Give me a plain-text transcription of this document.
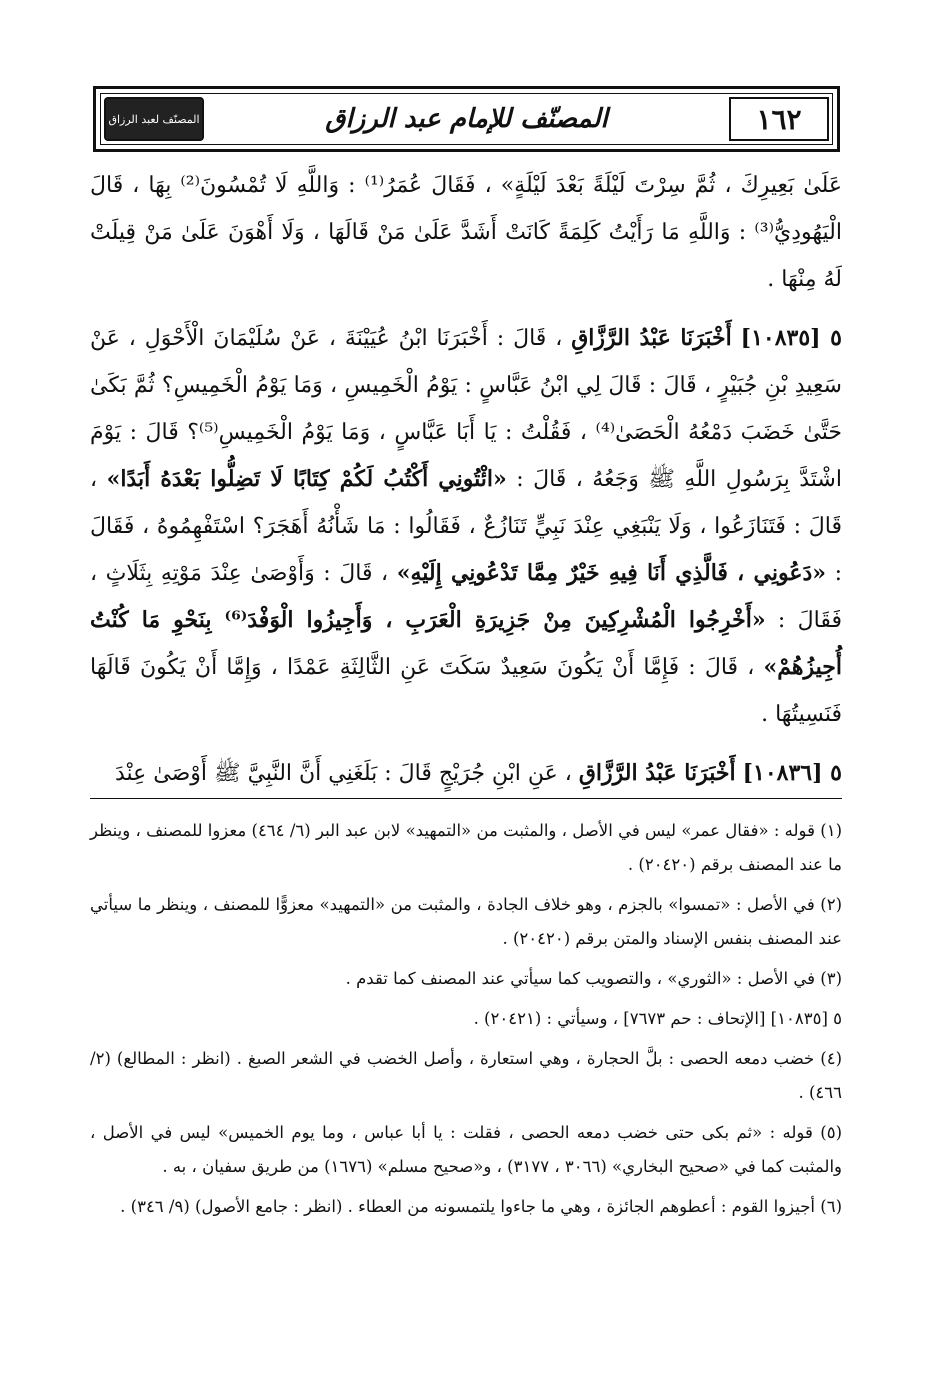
١٦٢
المصنّف للإمام عبد الرزاق
المصنّف لعبد الرزاق

عَلَىٰ بَعِيرِكَ ، ثُمَّ سِرْتَ لَيْلَةً بَعْدَ لَيْلَةٍ» ، فَقَالَ عُمَرُ⁽¹⁾ : وَاللَّهِ لَا تُمْسُونَ⁽²⁾ بِهَا ، قَالَ الْيَهُودِيُّ⁽³⁾ : وَاللَّهِ مَا رَأَيْتُ كَلِمَةً كَانَتْ أَشَدَّ عَلَىٰ مَنْ قَالَهَا ، وَلَا أَهْوَنَ عَلَىٰ مَنْ قِيلَتْ لَهُ مِنْهَا .

٥ [١٠٨٣٥] أَخْبَرَنَا عَبْدُ الرَّزَّاقِ ، قَالَ : أَخْبَرَنَا ابْنُ عُيَيْنَةَ ، عَنْ سُلَيْمَانَ الْأَحْوَلِ ، عَنْ سَعِيدِ بْنِ جُبَيْرٍ ، قَالَ : قَالَ لِي ابْنُ عَبَّاسٍ : يَوْمُ الْخَمِيسِ ، وَمَا يَوْمُ الْخَمِيسِ؟ ثُمَّ بَكَىٰ حَتَّىٰ خَضَبَ دَمْعُهُ الْحَصَىٰ⁽⁴⁾ ، فَقُلْتُ : يَا أَبَا عَبَّاسٍ ، وَمَا يَوْمُ الْخَمِيسِ⁽⁵⁾؟ قَالَ : يَوْمَ اشْتَدَّ بِرَسُولِ اللَّهِ ﷺ وَجَعُهُ ، قَالَ : «ائْتُونِي أَكْتُبُ لَكُمْ كِتَابًا لَا تَضِلُّوا بَعْدَهُ أَبَدًا» ، قَالَ : فَتَنَازَعُوا ، وَلَا يَنْبَغِي عِنْدَ نَبِيٍّ تَنَازُعٌ ، فَقَالُوا : مَا شَأْنُهُ أَهَجَرَ؟ اسْتَفْهِمُوهُ ، فَقَالَ : «دَعُونِي ، فَالَّذِي أَنَا فِيهِ خَيْرٌ مِمَّا تَدْعُونِي إِلَيْهِ» ، قَالَ : وَأَوْصَىٰ عِنْدَ مَوْتِهِ بِثَلَاثٍ ، فَقَالَ : «أَخْرِجُوا الْمُشْرِكِينَ مِنْ جَزِيرَةِ الْعَرَبِ ، وَأَجِيزُوا الْوَفْدَ⁽⁶⁾ بِنَحْوِ مَا كُنْتُ أُجِيزُهُمْ» ، قَالَ : فَإِمَّا أَنْ يَكُونَ سَعِيدٌ سَكَتَ عَنِ الثَّالِثَةِ عَمْدًا ، وَإِمَّا أَنْ يَكُونَ قَالَهَا فَنَسِيتُهَا .

٥ [١٠٨٣٦] أَخْبَرَنَا عَبْدُ الرَّزَّاقِ ، عَنِ ابْنِ جُرَيْجٍ قَالَ : بَلَغَنِي أَنَّ النَّبِيَّ ﷺ أَوْصَىٰ عِنْدَ

(١) قوله : «فقال عمر» ليس في الأصل ، والمثبت من «التمهيد» لابن عبد البر (٦/ ٤٦٤) معزوا للمصنف ، وينظر ما عند المصنف برقم (٢٠٤٢٠) .

(٢) في الأصل : «تمسوا» بالجزم ، وهو خلاف الجادة ، والمثبت من «التمهيد» معزوًّا للمصنف ، وينظر ما سيأتي عند المصنف بنفس الإسناد والمتن برقم (٢٠٤٢٠) .

(٣) في الأصل : «الثوري» ، والتصويب كما سيأتي عند المصنف كما تقدم .

٥ [١٠٨٣٥] [الإتحاف : حم ٧٦٧٣] ، وسيأتي : (٢٠٤٢١) .

(٤) خضب دمعه الحصى : بلَّ الحجارة ، وهي استعارة ، وأصل الخضب في الشعر الصبغ . (انظر : المطالع) (٢/ ٤٦٦) .

(٥) قوله : «ثم بكى حتى خضب دمعه الحصى ، فقلت : يا أبا عباس ، وما يوم الخميس» ليس في الأصل ، والمثبت كما في «صحيح البخاري» (٣٠٦٦ ، ٣١٧٧) ، و«صحيح مسلم» (١٦٧٦) من طريق سفيان ، به .

(٦) أجيزوا القوم : أعطوهم الجائزة ، وهي ما جاءوا يلتمسونه من العطاء . (انظر : جامع الأصول) (٩/ ٣٤٦) .
